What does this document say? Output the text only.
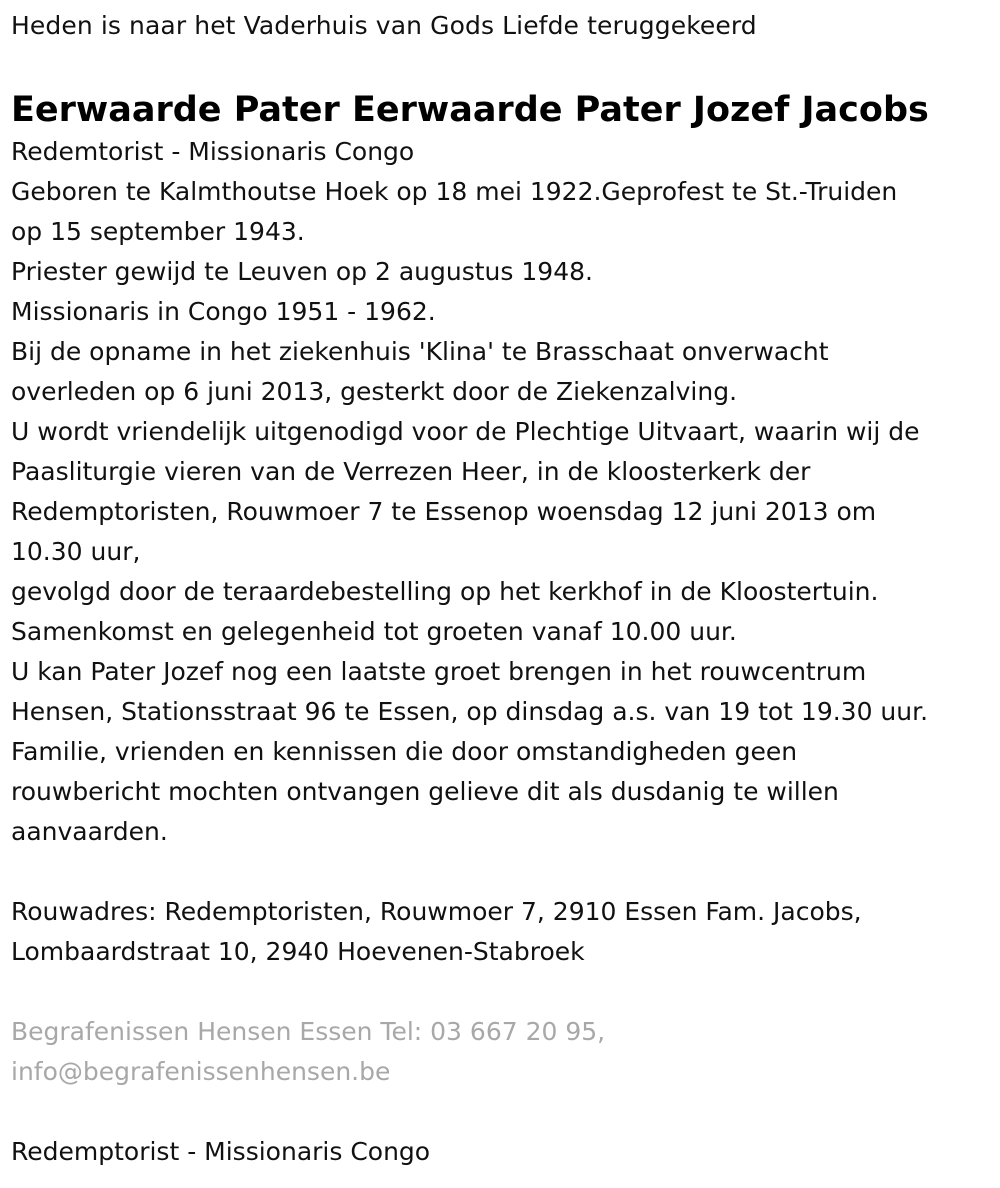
Heden is naar het Vaderhuis van Gods Liefde teruggekeerd

Eerwaarde Pater Eerwaarde Pater Jozef Jacobs

Redemtorist - Missionaris Congo

Geboren te Kalmthoutse Hoek op 18 mei 1922.Geprofest te St.-Truiden

op 15 september 1943.

Priester gewijd te Leuven op 2 augustus 1948.

Missionaris in Congo 1951 - 1962.

Bij de opname in het ziekenhuis 'Klina' te Brasschaat onverwacht

overleden op 6 juni 2013, gesterkt door de Ziekenzalving.

U wordt vriendelijk uitgenodigd voor de Plechtige Uitvaart, waarin wij de

Paasliturgie vieren van de Verrezen Heer, in de kloosterkerk der

Redemptoristen, Rouwmoer 7 te Essenop woensdag 12 juni 2013 om

10.30 uur,

gevolgd door de teraardebestelling op het kerkhof in de Kloostertuin.

Samenkomst en gelegenheid tot groeten vanaf 10.00 uur.

U kan Pater Jozef nog een laatste groet brengen in het rouwcentrum

Hensen, Stationsstraat 96 te Essen, op dinsdag a.s. van 19 tot 19.30 uur.

Familie, vrienden en kennissen die door omstandigheden geen

rouwbericht mochten ontvangen gelieve dit als dusdanig te willen

aanvaarden.

Rouwadres: Redemptoristen, Rouwmoer 7, 2910 Essen Fam. Jacobs,

Lombaardstraat 10, 2940 Hoevenen-Stabroek

Begrafenissen Hensen Essen Tel: 03 667 20 95,

info@begrafenissenhensen.be

Redemptorist - Missionaris Congo
